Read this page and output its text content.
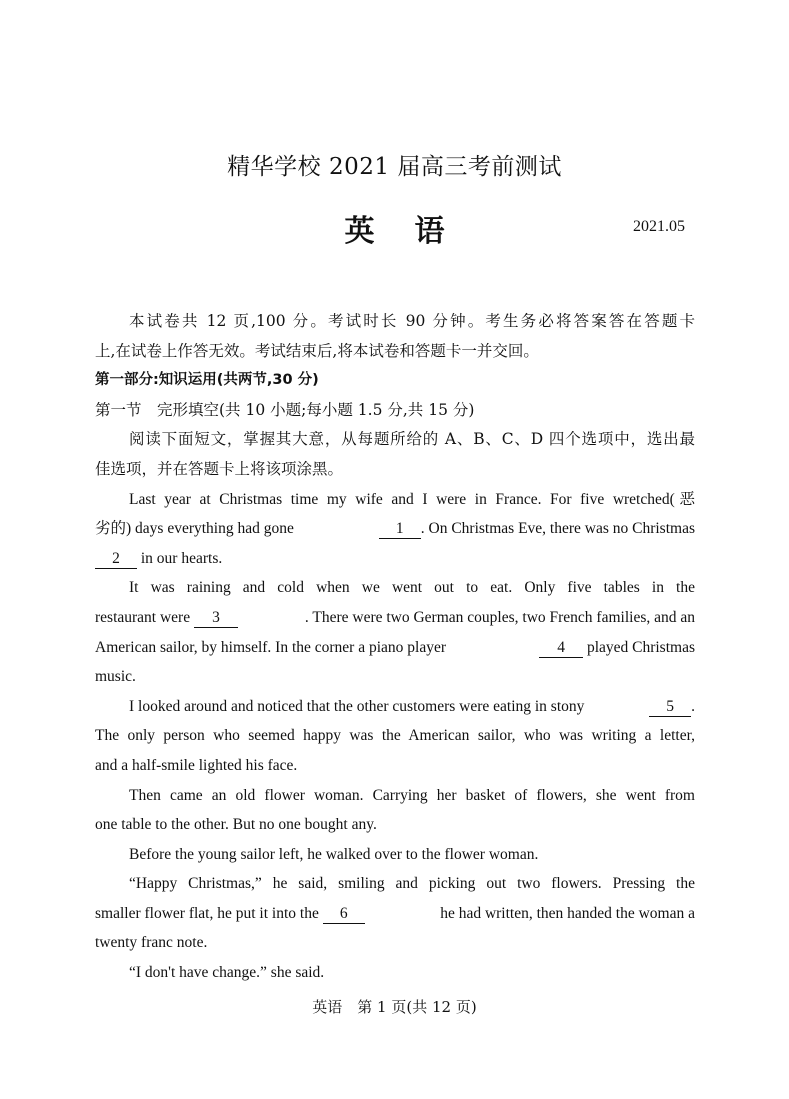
精华学校 2021 届高三考前测试
英语	2021.05
本试卷共 12 页,100 分。考试时长 90 分钟。考生务必将答案答在答题卡
上,在试卷上作答无效。考试结束后,将本试卷和答题卡一并交回。
第一部分:知识运用(共两节,30 分)
第一节　完形填空(共 10 小题;每小题 1.5 分,共 15 分)
阅读下面短文，掌握其大意，从每题所给的 A、B、C、D 四个选项中，选出最
佳选项，并在答题卡上将该项涂黑。
Last year at Christmas time my wife and I were in France. For five wretched(恶
劣的) days everything had gone	1 . On Christmas Eve, there was no Christmas
2 in our hearts.
It was raining and cold when we went out to eat. Only five tables in the
restaurant were 3	. There were two German couples, two French families, and an
American sailor, by himself. In the corner a piano player	4 played Christmas
music.
I looked around and noticed that the other customers were eating in stony	5 .
The only person who seemed happy was the American sailor, who was writing a letter,
and a half-smile lighted his face.
Then came an old flower woman. Carrying her basket of flowers, she went from
one table to the other. But no one bought any.
Before the young sailor left, he walked over to the flower woman.
“Happy Christmas,” he said, smiling and picking out two flowers. Pressing the
smaller flower flat, he put it into the 6	he had written, then handed the woman a
twenty franc note.
“I don't have change.” she said.
英语　第 1 页(共 12 页)
